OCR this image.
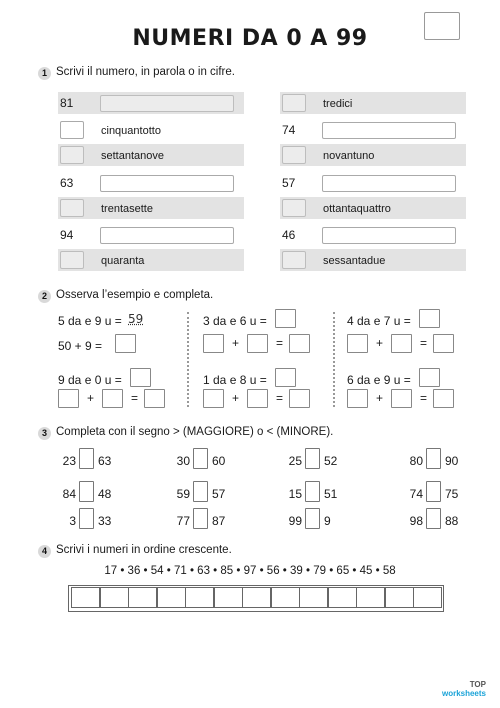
NUMERI DA 0 A 99
1 Scrivi il numero, in parola o in cifre.
81
cinquantotto
settantanove
63
trentasette
94
quaranta
tredici
74
novantuno
57
ottantaquattro
46
sessantadue
2 Osserva l’esempio e completa.
5 da e 9 u = 59
50 + 9 =
3 da e 6 u =
+	=
4 da e 7 u =
+	=
9 da e 0 u =
+	=
1 da e 8 u =
+	=
6 da e 9 u =
+	=
3 Completa con il segno > (MAGGIORE) o < (MINORE).
23 63	30 60	25 52	80 90
84 48	59 57	15 51	74 75
3 33	77 87	99 9	98 88
4 Scrivi i numeri in ordine crescente.
17 • 36 • 54 • 71 • 63 • 85 • 97 • 56 • 39 • 79 • 65 • 45 • 58
TOP
worksheets
